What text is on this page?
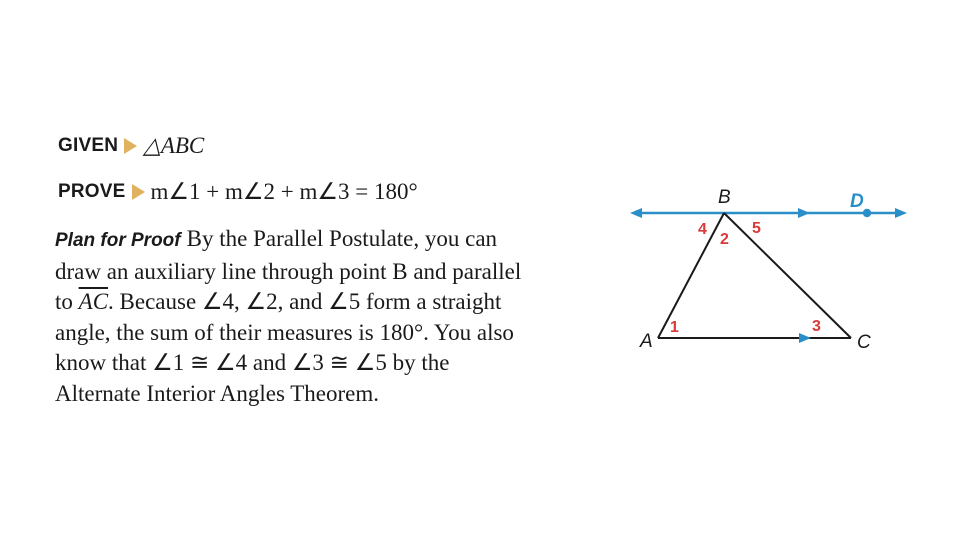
GIVEN △ABC
PROVE m∠1 + m∠2 + m∠3 = 180°
Plan for Proof By the Parallel Postulate, you can
draw an auxiliary line through point B and parallel
to $\overline{AC}$. Because ∠4, ∠2, and ∠5 form a straight
angle, the sum of their measures is 180°. You also
know that ∠1 ≅ ∠4 and ∠3 ≅ ∠5 by the
Alternate Interior Angles Theorem.
B	D
A	C
4
2
5
1	3
